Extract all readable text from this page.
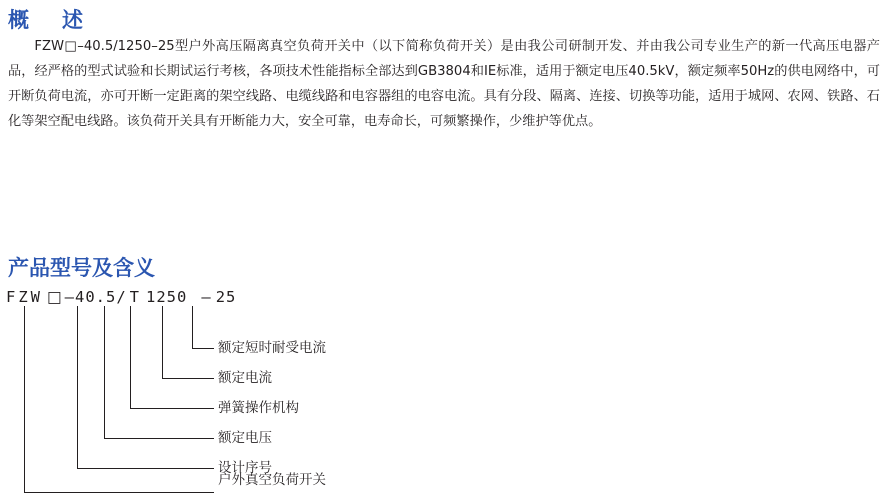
概　述
FZW□–40.5/1250–25型户外高压隔离真空负荷开关中（以下简称负荷开关）是由我公司研制开发、并由我公司专业生产的新一代高压电器产品，经严格的型式试验和长期试运行考核，各项技术性能指标全部达到GB3804和IE标准，适用于额定电压40.5kV，额定频率50Hz的供电网络中，可开断负荷电流，亦可开断一定距离的架空线路、电缆线路和电容器组的电容电流。具有分段、隔离、连接、切换等功能，适用于城网、农网、铁路、石化等架空配电线路。该负荷开关具有开断能力大，安全可靠，电寿命长，可频繁操作，少维护等优点。
产品型号及含义
FZW □ –40.5/ T 1250 – 25
额定短时耐受电流
额定电流
弹簧操作机构
额定电压
设计序号
户外真空负荷开关
